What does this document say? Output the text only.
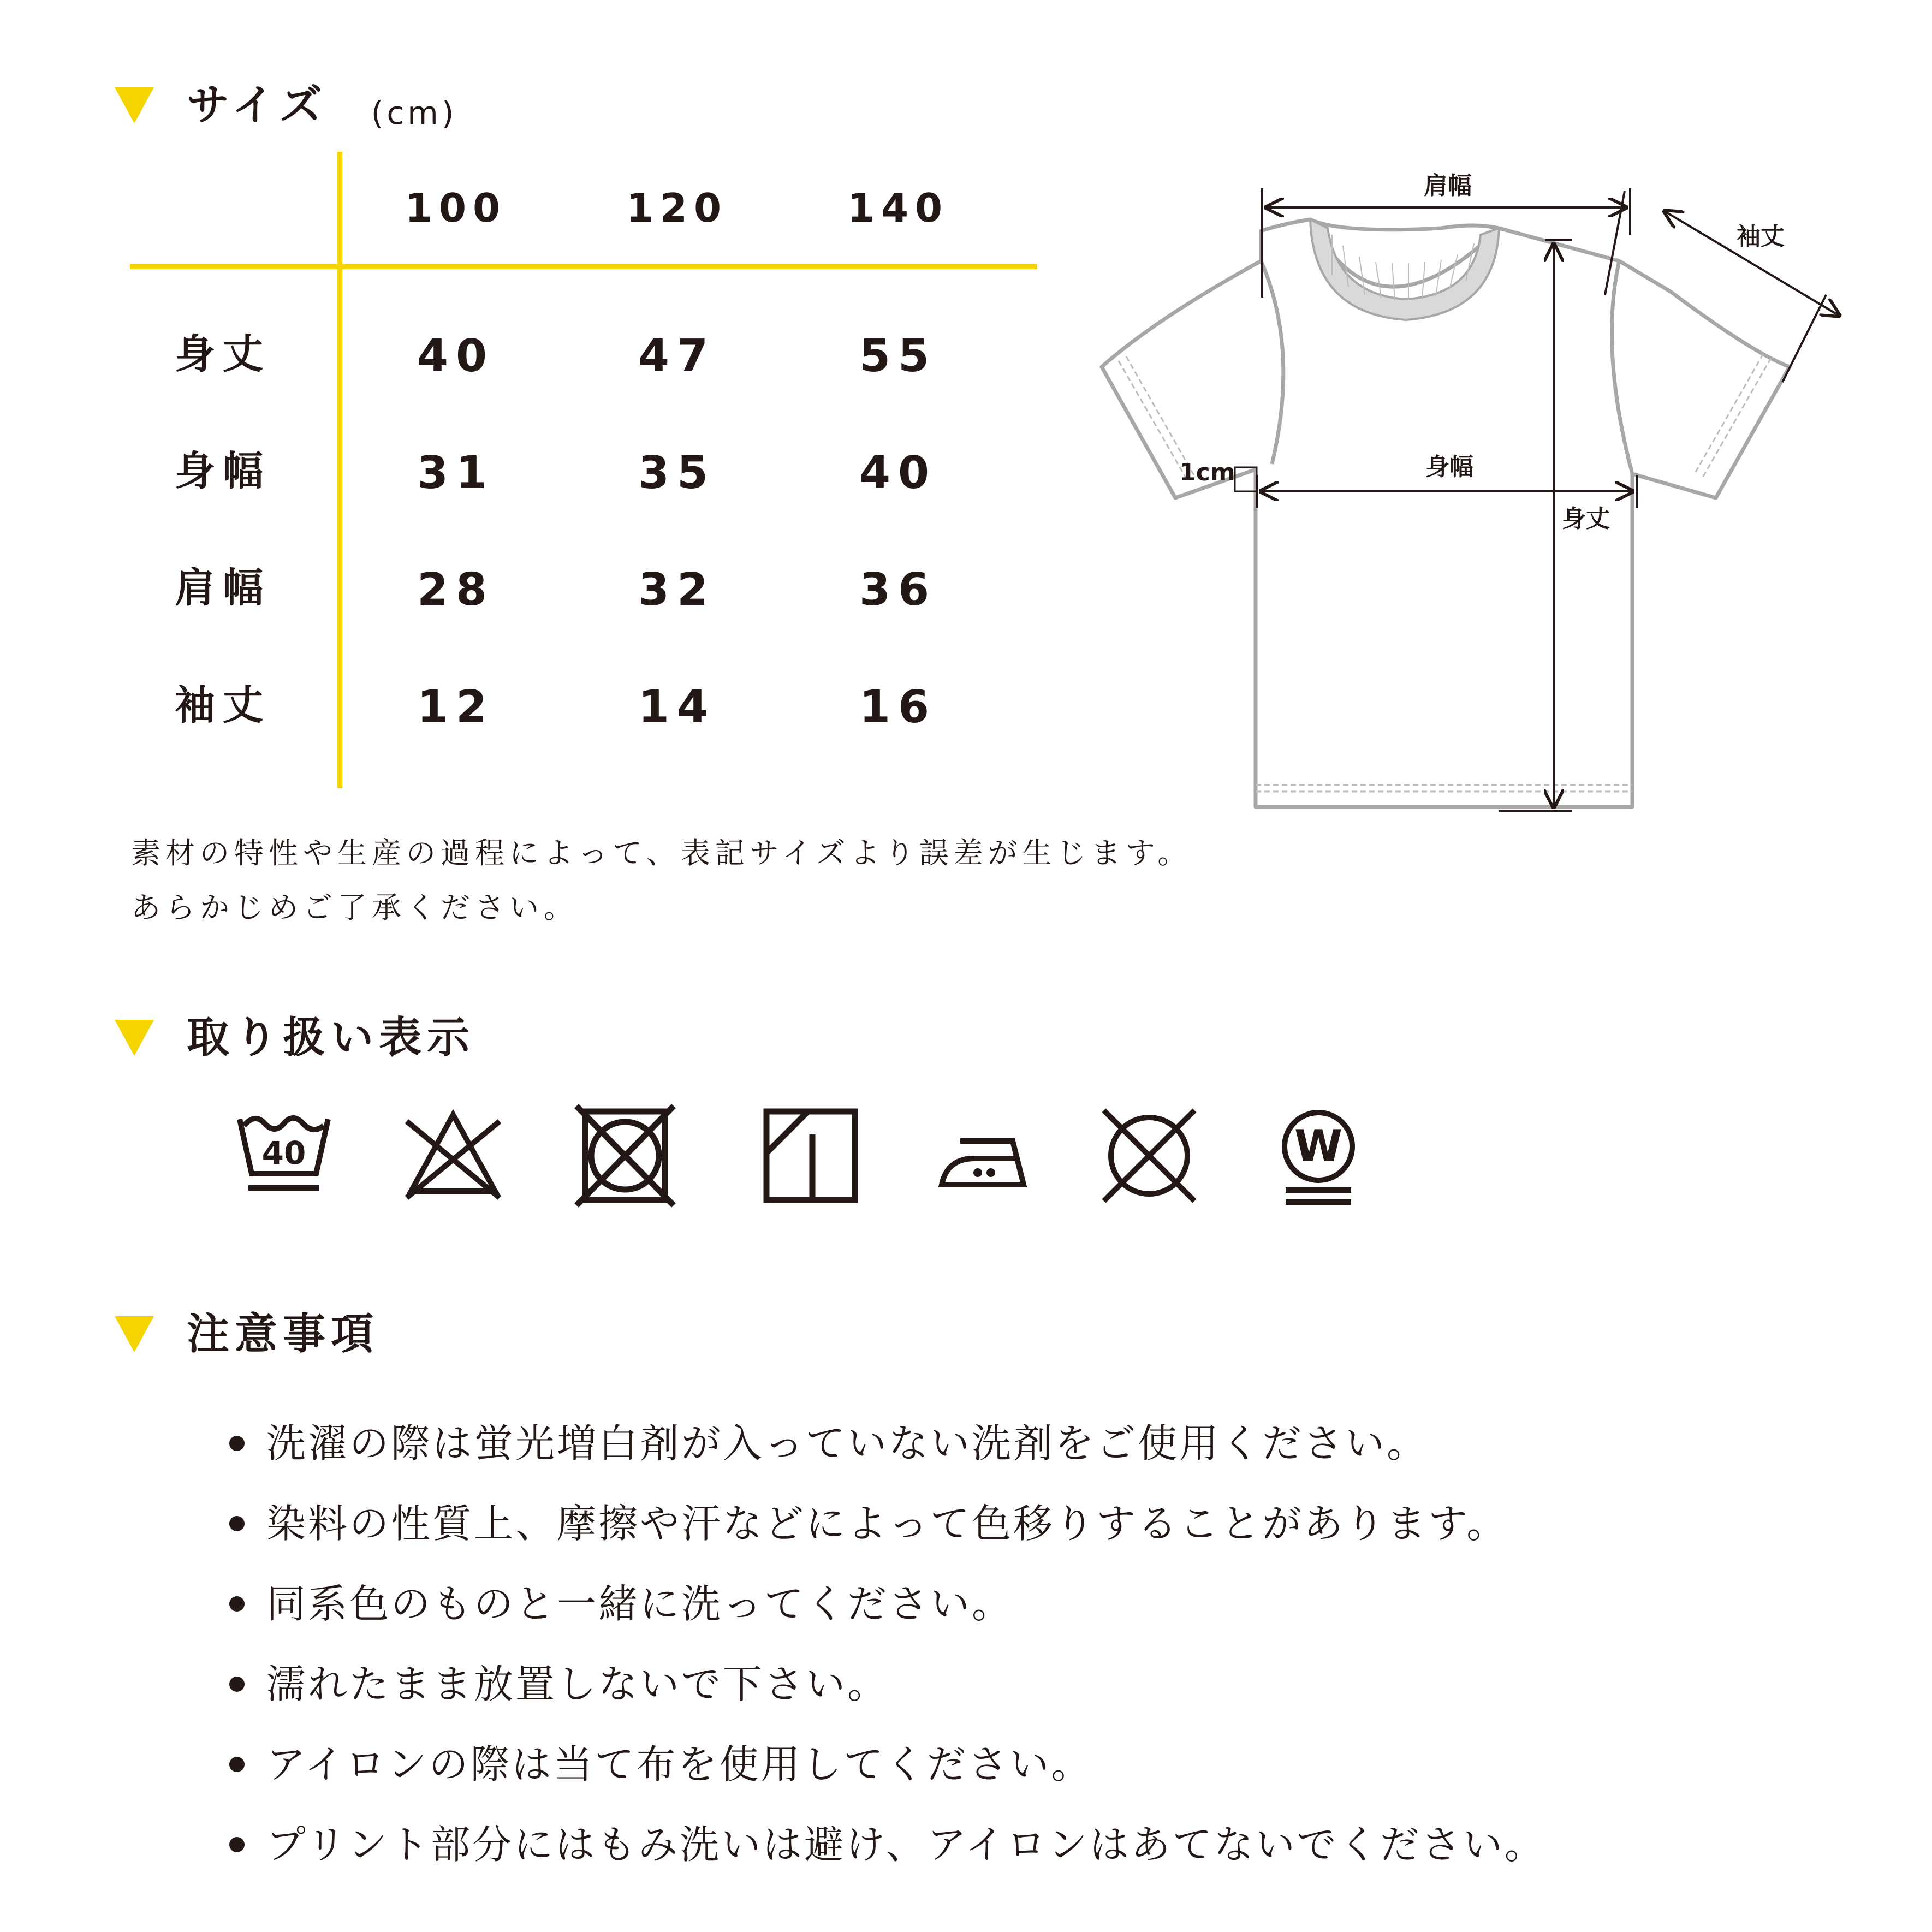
サイズ (cm)
100	120	140
身丈	40	47	55
身幅	31	35	40
肩幅	28	32	36
袖丈	12	14	16
肩幅
袖丈
身幅
身丈
1cm
素材の特性や生産の過程によって、表記サイズより誤差が生じます。
あらかじめご了承ください。
取り扱い表示
40	W
注意事項
洗濯の際は蛍光増白剤が入っていない洗剤をご使用ください。
染料の性質上、摩擦や汗などによって色移りすることがあります。
同系色のものと一緒に洗ってください。
濡れたまま放置しないで下さい。
アイロンの際は当て布を使用してください。
プリント部分にはもみ洗いは避け、アイロンはあてないでください。
